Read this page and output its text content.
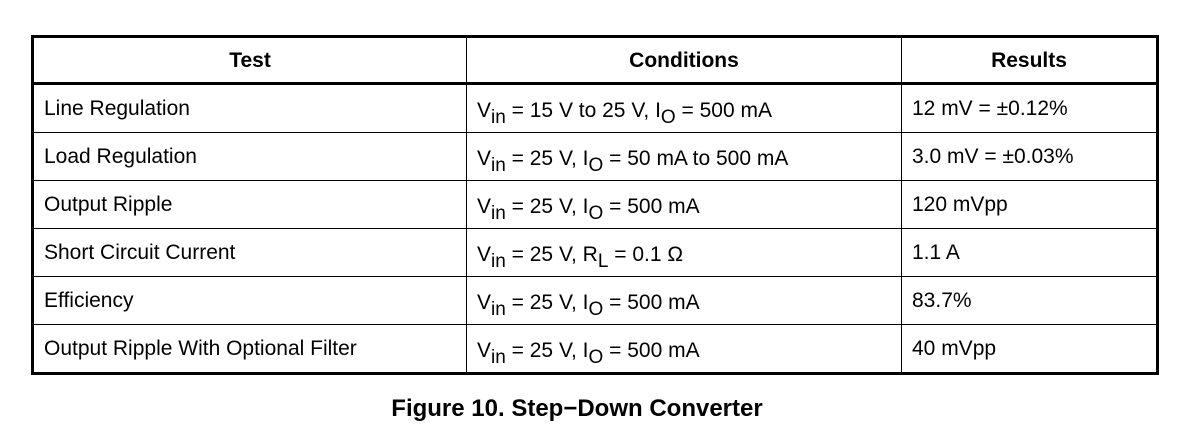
Test	Conditions	Results
Line Regulation	$V_{in} = 15$ V to 25 V, $I_O = 500$ mA	12 mV = ±0.12%
Load Regulation	$V_{in} = 25$ V, $I_O = 50$ mA to 500 mA	3.0 mV = ±0.03%
Output Ripple	$V_{in} = 25$ V, $I_O = 500$ mA	120 mVpp
Short Circuit Current	$V_{in} = 25$ V, $R_L = 0.1$ Ω	1.1 A
Efficiency	$V_{in} = 25$ V, $I_O = 500$ mA	83.7%
Output Ripple With Optional Filter	$V_{in} = 25$ V, $I_O = 500$ mA	40 mVpp

Figure 10. Step−Down Converter
